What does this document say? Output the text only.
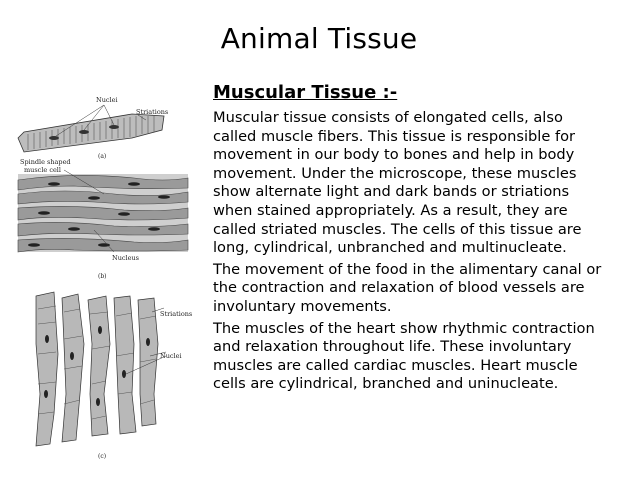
Animal Tissue
Muscular Tissue :-

Muscular tissue consists of elongated cells, also called muscle fibers. This tissue is responsible for movement in our body to bones and help in body movement. Under the microscope, these muscles show alternate light and dark bands or striations when stained appropriately. As a result, they are called striated muscles. The cells of this tissue are long, cylindrical, unbranched and multinucleate.

The movement of the food in the alimentary canal or the contraction and relaxation of blood vessels are involuntary movements.

The muscles of the heart show rhythmic contraction and relaxation throughout life. These involuntary muscles are called cardiac muscles. Heart muscle cells are cylindrical, branched and uninucleate.

Nuclei
Striations
(a)
Spindle shaped
muscle cell
Nucleus
(b)
Striations
Nuclei
(c)
